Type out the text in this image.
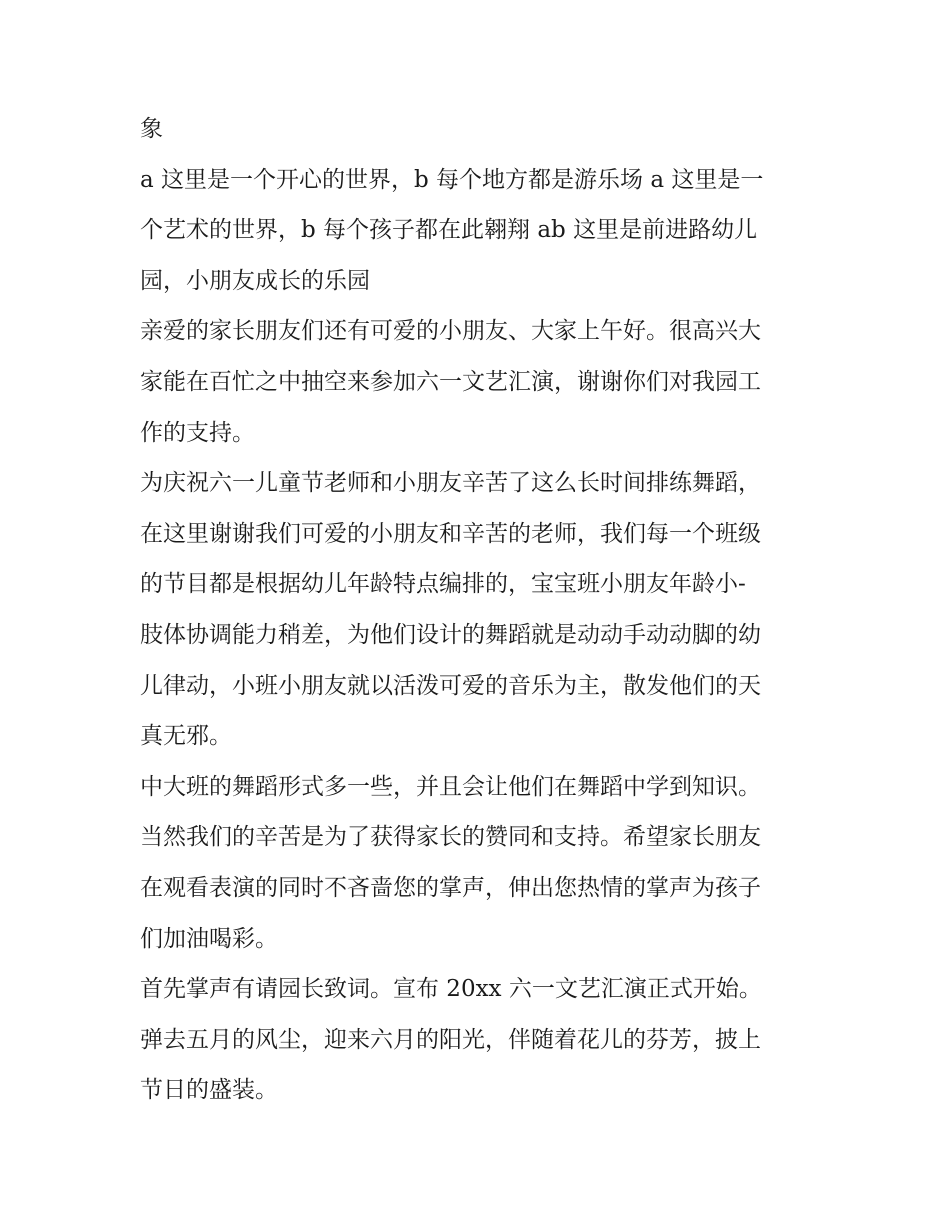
象

a 这里是一个开心的世界，b 每个地方都是游乐场 a 这里是一

个艺术的世界，b 每个孩子都在此翱翔 ab 这里是前进路幼儿

园，小朋友成长的乐园

亲爱的家长朋友们还有可爱的小朋友、大家上午好。很高兴大

家能在百忙之中抽空来参加六一文艺汇演，谢谢你们对我园工

作的支持。

为庆祝六一儿童节老师和小朋友辛苦了这么长时间排练舞蹈，

在这里谢谢我们可爱的小朋友和辛苦的老师，我们每一个班级

的节目都是根据幼儿年龄特点编排的，宝宝班小朋友年龄小-

肢体协调能力稍差，为他们设计的舞蹈就是动动手动动脚的幼

儿律动，小班小朋友就以活泼可爱的音乐为主，散发他们的天

真无邪。

中大班的舞蹈形式多一些，并且会让他们在舞蹈中学到知识。

当然我们的辛苦是为了获得家长的赞同和支持。希望家长朋友

在观看表演的同时不吝啬您的掌声，伸出您热情的掌声为孩子

们加油喝彩。

首先掌声有请园长致词。宣布 20xx 六一文艺汇演正式开始。

弹去五月的风尘，迎来六月的阳光，伴随着花儿的芬芳，披上

节日的盛装。
